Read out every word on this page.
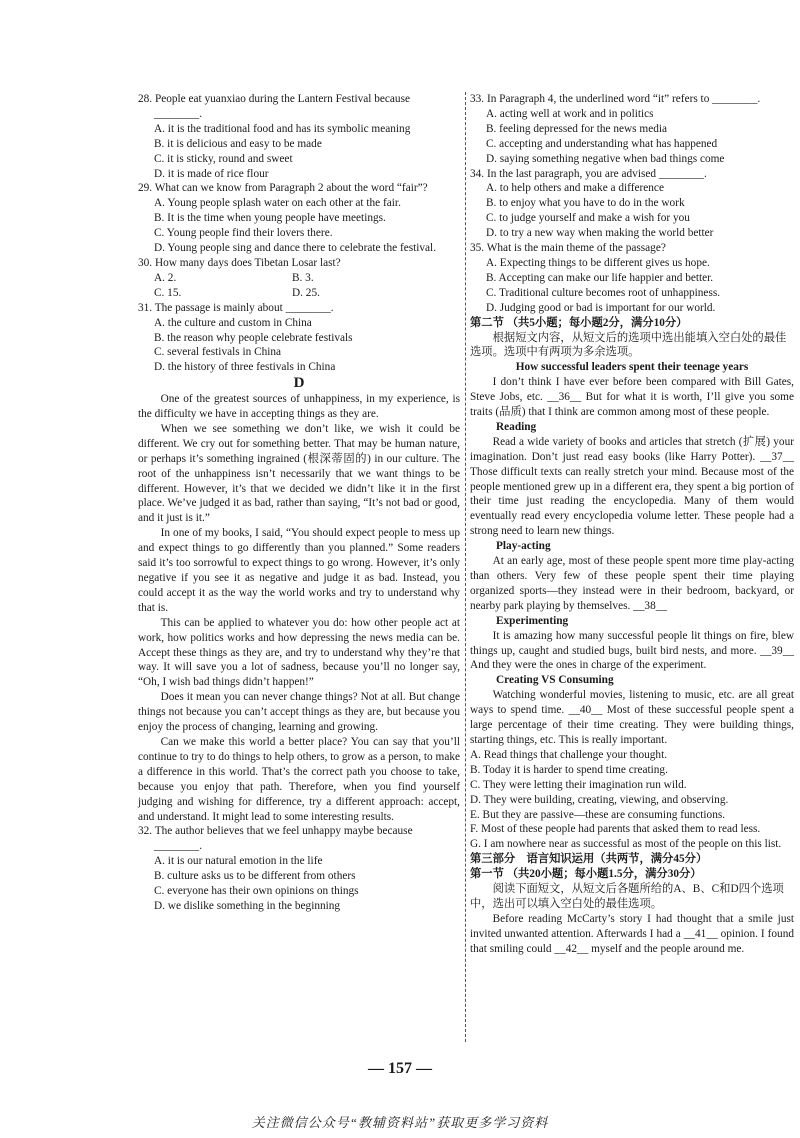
28. People eat yuanxiao during the Lantern Festival because ________.

A. it is the traditional food and has its symbolic meaning

B. it is delicious and easy to be made

C. it is sticky, round and sweet

D. it is made of rice flour

29. What can we know from Paragraph 2 about the word “fair”?

A. Young people splash water on each other at the fair.

B. It is the time when young people have meetings.

C. Young people find their lovers there.

D. Young people sing and dance there to celebrate the festival.

30. How many days does Tibetan Losar last?

A. 2.	B. 3.
C. 15.	D. 25.

31. The passage is mainly about ________.

A. the culture and custom in China

B. the reason why people celebrate festivals

C. several festivals in China

D. the history of three festivals in China

D

One of the greatest sources of unhappiness, in my experience, is the difficulty we have in accepting things as they are.

When we see something we don’t like, we wish it could be different. We cry out for something better. That may be human nature, or perhaps it’s something ingrained (根深蒂固的) in our culture. The root of the unhappiness isn’t necessarily that we want things to be different. However, it’s that we decided we didn’t like it in the first place. We’ve judged it as bad, rather than saying, “It’s not bad or good, and it just is it.”

In one of my books, I said, “You should expect people to mess up and expect things to go differently than you planned.” Some readers said it’s too sorrowful to expect things to go wrong. However, it’s only negative if you see it as negative and judge it as bad. Instead, you could accept it as the way the world works and try to understand why that is.

This can be applied to whatever you do: how other people act at work, how politics works and how depressing the news media can be. Accept these things as they are, and try to understand why they’re that way. It will save you a lot of sadness, because you’ll no longer say, “Oh, I wish bad things didn’t happen!”

Does it mean you can never change things? Not at all. But change things not because you can’t accept things as they are, but because you enjoy the process of changing, learning and growing.

Can we make this world a better place? You can say that you’ll continue to try to do things to help others, to grow as a person, to make a difference in this world. That’s the correct path you choose to take, because you enjoy that path. Therefore, when you find yourself judging and wishing for difference, try a different approach: accept, and understand. It might lead to some interesting results.

32. The author believes that we feel unhappy maybe because ________.

A. it is our natural emotion in the life

B. culture asks us to be different from others

C. everyone has their own opinions on things

D. we dislike something in the beginning

33. In Paragraph 4, the underlined word “it” refers to ________.

A. acting well at work and in politics

B. feeling depressed for the news media

C. accepting and understanding what has happened

D. saying something negative when bad things come

34. In the last paragraph, you are advised ________.

A. to help others and make a difference

B. to enjoy what you have to do in the work

C. to judge yourself and make a wish for you

D. to try a new way when making the world better

35. What is the main theme of the passage?

A. Expecting things to be different gives us hope.

B. Accepting can make our life happier and better.

C. Traditional culture becomes root of unhappiness.

D. Judging good or bad is important for our world.

第二节 （共5小题；每小题2分，满分10分）

根据短文内容，从短文后的选项中选出能填入空白处的最佳选项。选项中有两项为多余选项。

How successful leaders spent their teenage years

I don’t think I have ever before been compared with Bill Gates, Steve Jobs, etc. __36__ But for what it is worth, I’ll give you some traits (品质) that I think are common among most of these people.

Reading

Read a wide variety of books and articles that stretch (扩展) your imagination. Don’t just read easy books (like Harry Potter). __37__ Those difficult texts can really stretch your mind. Because most of the people mentioned grew up in a different era, they spent a big portion of their time just reading the encyclopedia. Many of them would eventually read every encyclopedia volume letter. These people had a strong need to learn new things.

Play-acting

At an early age, most of these people spent more time play-acting than others. Very few of these people spent their time playing organized sports—they instead were in their bedroom, backyard, or nearby park playing by themselves. __38__

Experimenting

It is amazing how many successful people lit things on fire, blew things up, caught and studied bugs, built bird nests, and more. __39__ And they were the ones in charge of the experiment.

Creating VS Consuming

Watching wonderful movies, listening to music, etc. are all great ways to spend time. __40__ Most of these successful people spent a large percentage of their time creating. They were building things, starting things, etc. This is really important.

A. Read things that challenge your thought.

B. Today it is harder to spend time creating.

C. They were letting their imagination run wild.

D. They were building, creating, viewing, and observing.

E. But they are passive—these are consuming functions.

F. Most of these people had parents that asked them to read less.

G. I am nowhere near as successful as most of the people on this list.

第三部分　语言知识运用（共两节，满分45分）

第一节 （共20小题；每小题1.5分，满分30分）

阅读下面短文，从短文后各题所给的A、B、C和D四个选项中，选出可以填入空白处的最佳选项。

Before reading McCarty’s story I had thought that a smile just invited unwanted attention. Afterwards I had a __41__ opinion. I found that smiling could __42__ myself and the people around me.

— 157 —
关注微信公众号“教辅资料站”获取更多学习资料
